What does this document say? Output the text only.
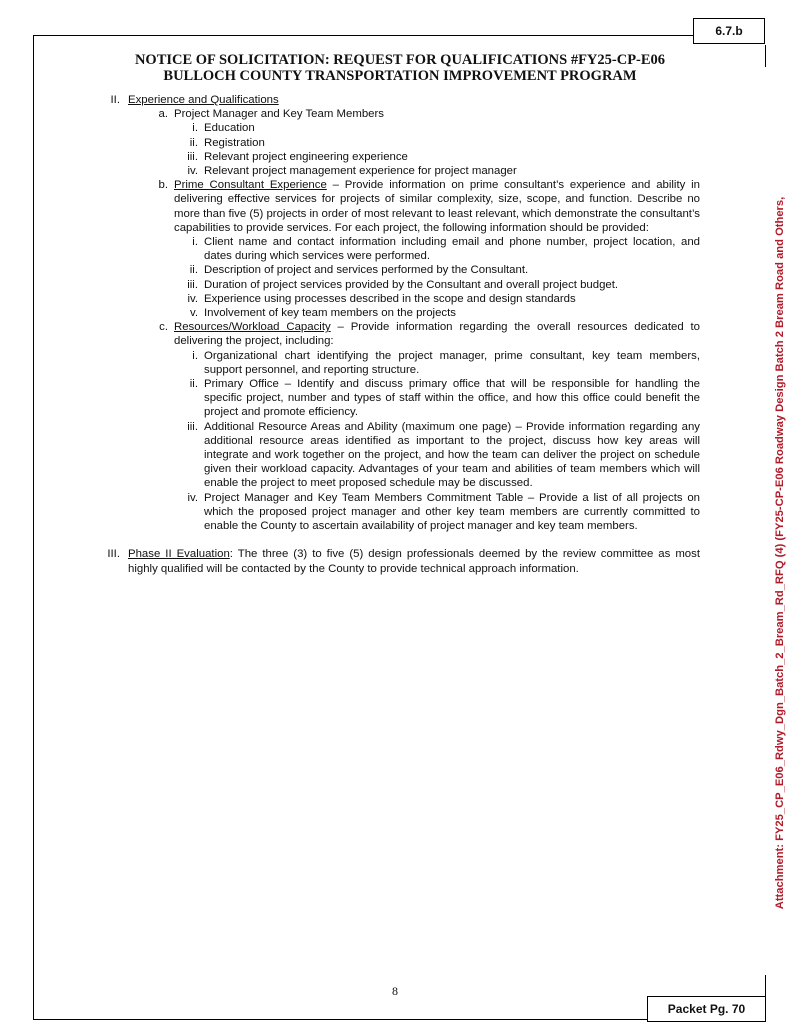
6.7.b
Packet Pg. 70
Attachment: FY25_CP_E06_Rdwy_Dgn_Batch_2_Bream_Rd_RFQ (4) (FY25-CP-E06 Roadway Design Batch 2 Bream Road and Others,
NOTICE OF SOLICITATION: REQUEST FOR QUALIFICATIONS #FY25-CP-E06
BULLOCH COUNTY TRANSPORTATION IMPROVEMENT PROGRAM
II. Experience and Qualifications
a. Project Manager and Key Team Members
i. Education
ii. Registration
iii. Relevant project engineering experience
iv. Relevant project management experience for project manager
b. Prime Consultant Experience – Provide information on prime consultant’s experience and ability in delivering effective services for projects of similar complexity, size, scope, and function. Describe no more than five (5) projects in order of most relevant to least relevant, which demonstrate the consultant’s capabilities to provide services. For each project, the following information should be provided:
i. Client name and contact information including email and phone number, project location, and dates during which services were performed.
ii. Description of project and services performed by the Consultant.
iii. Duration of project services provided by the Consultant and overall project budget.
iv. Experience using processes described in the scope and design standards
v. Involvement of key team members on the projects
c. Resources/Workload Capacity – Provide information regarding the overall resources dedicated to delivering the project, including:
i. Organizational chart identifying the project manager, prime consultant, key team members, support personnel, and reporting structure.
ii. Primary Office – Identify and discuss primary office that will be responsible for handling the specific project, number and types of staff within the office, and how this office could benefit the project and promote efficiency.
iii. Additional Resource Areas and Ability (maximum one page) – Provide information regarding any additional resource areas identified as important to the project, discuss how key areas will integrate and work together on the project, and how the team can deliver the project on schedule given their workload capacity. Advantages of your team and abilities of team members which will enable the project to meet proposed schedule may be discussed.
iv. Project Manager and Key Team Members Commitment Table – Provide a list of all projects on which the proposed project manager and other key team members are currently committed to enable the County to ascertain availability of project manager and key team members.
III. Phase II Evaluation: The three (3) to five (5) design professionals deemed by the review committee as most highly qualified will be contacted by the County to provide technical approach information.
8
